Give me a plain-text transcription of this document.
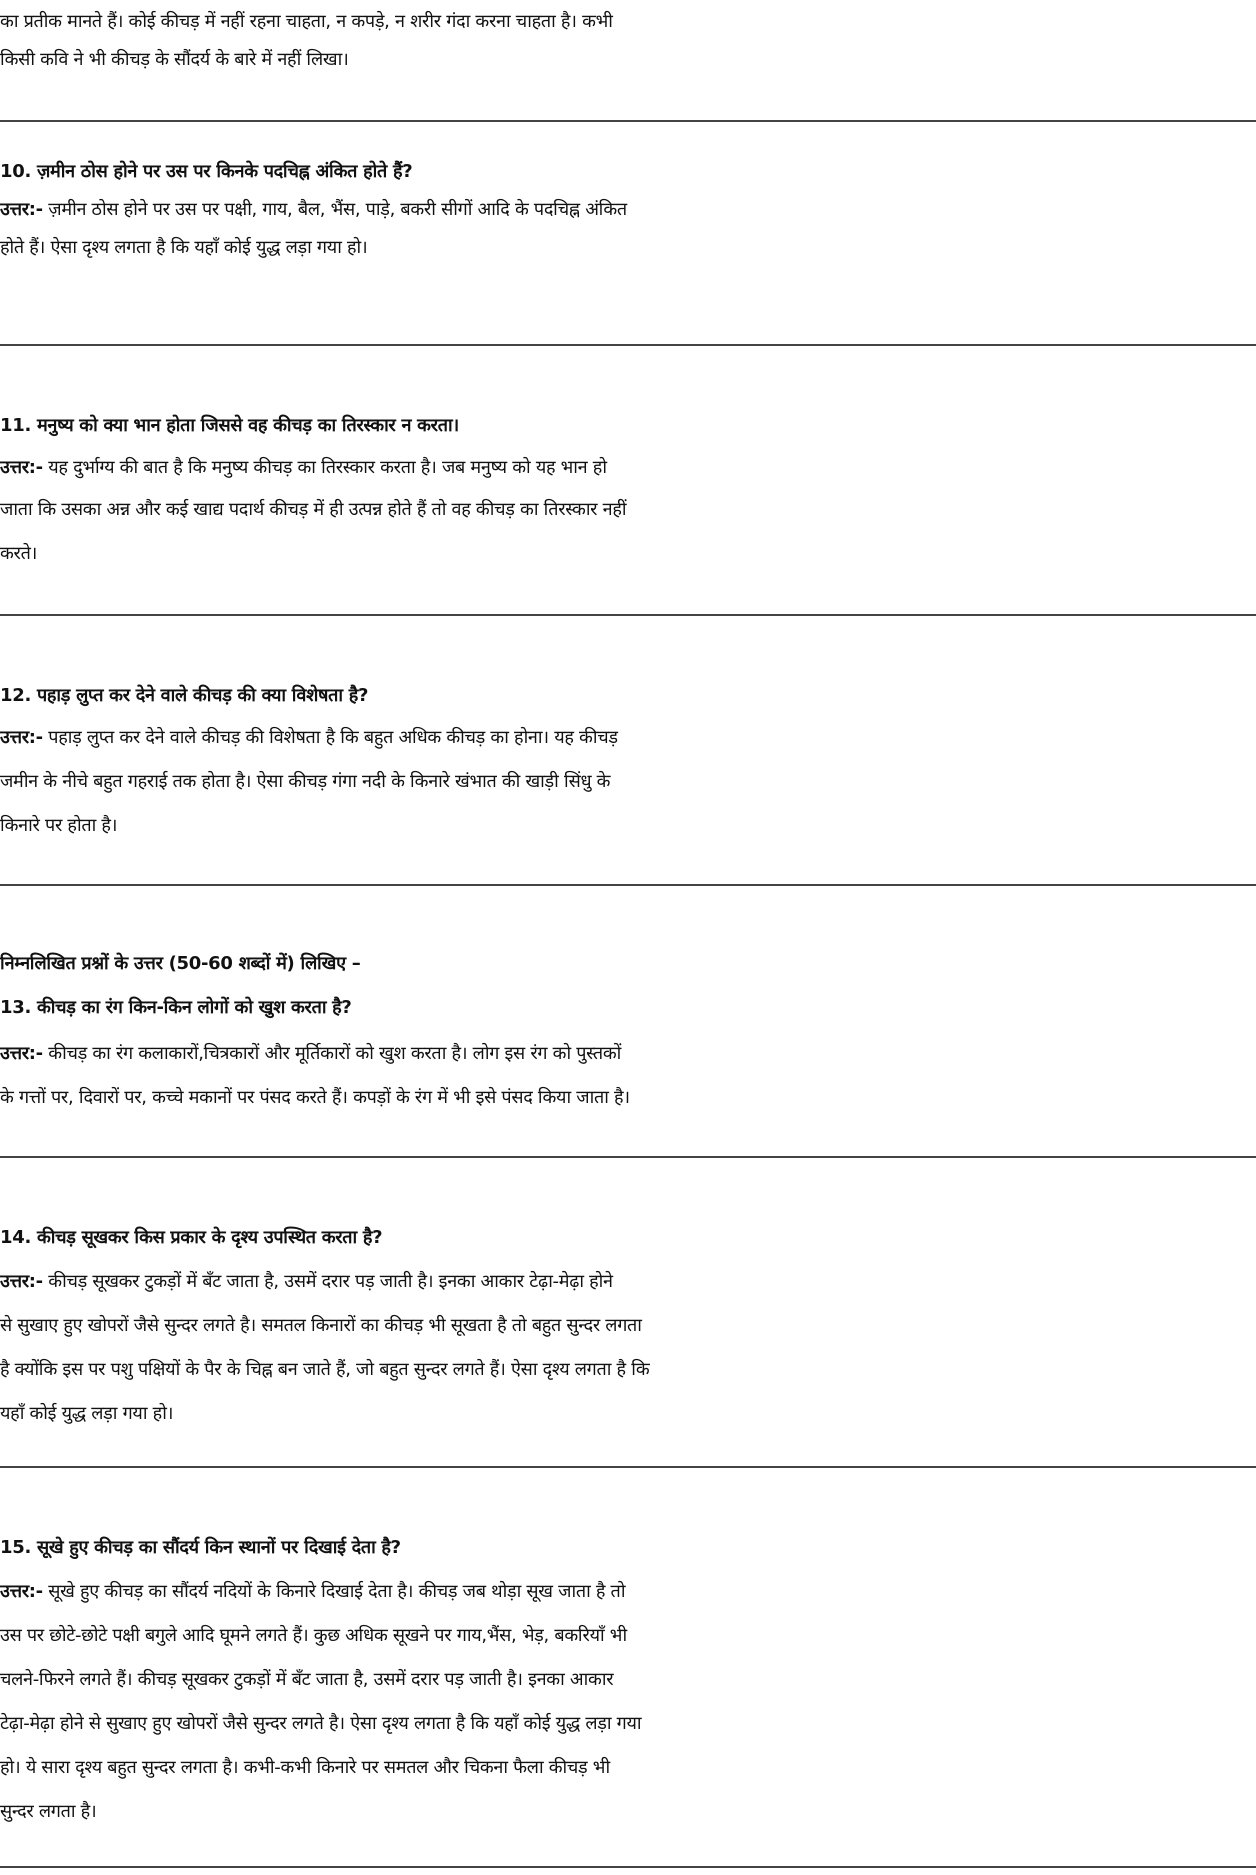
का प्रतीक मानते हैं। कोई कीचड़ में नहीं रहना चाहता, न कपड़े, न शरीर गंदा करना चाहता है। कभी
किसी कवि ने भी कीचड़ के सौंदर्य के बारे में नहीं लिखा।
10. ज़मीन ठोस होने पर उस पर किनके पदचिह्न अंकित होते हैं?
उत्तर:- ज़मीन ठोस होने पर उस पर पक्षी, गाय, बैल, भैंस, पाड़े, बकरी सीगों आदि के पदचिह्न अंकित
होते हैं। ऐसा दृश्य लगता है कि यहाँ कोई युद्ध लड़ा गया हो।
11. मनुष्य को क्या भान होता जिससे वह कीचड़ का तिरस्कार न करता।
उत्तर:- यह दुर्भाग्य की बात है कि मनुष्य कीचड़ का तिरस्कार करता है। जब मनुष्य को यह भान हो
जाता कि उसका अन्न और कई खाद्य पदार्थ कीचड़ में ही उत्पन्न होते हैं तो वह कीचड़ का तिरस्कार नहीं
करते।
12. पहाड़ लुप्त कर देने वाले कीचड़ की क्या विशेषता है?
उत्तर:- पहाड़ लुप्त कर देने वाले कीचड़ की विशेषता है कि बहुत अधिक कीचड़ का होना। यह कीचड़
जमीन के नीचे बहुत गहराई तक होता है। ऐसा कीचड़ गंगा नदी के किनारे खंभात की खाड़ी सिंधु के
किनारे पर होता है।
निम्नलिखित प्रश्नों के उत्तर (50-60 शब्दों में) लिखिए –
13. कीचड़ का रंग किन-किन लोगों को खुश करता है?
उत्तर:- कीचड़ का रंग कलाकारों,चित्रकारों और मूर्तिकारों को खुश करता है। लोग इस रंग को पुस्तकों
के गत्तों पर, दिवारों पर, कच्चे मकानों पर पंसद करते हैं। कपड़ों के रंग में भी इसे पंसद किया जाता है।
14. कीचड़ सूखकर किस प्रकार के दृश्य उपस्थित करता है?
उत्तर:- कीचड़ सूखकर टुकड़ों में बँट जाता है, उसमें दरार पड़ जाती है। इनका आकार टेढ़ा-मेढ़ा होने
से सुखाए हुए खोपरों जैसे सुन्दर लगते है। समतल किनारों का कीचड़ भी सूखता है तो बहुत सुन्दर लगता
है क्योंकि इस पर पशु पक्षियों के पैर के चिह्न बन जाते हैं, जो बहुत सुन्दर लगते हैं। ऐसा दृश्य लगता है कि
यहाँ कोई युद्ध लड़ा गया हो।
15. सूखे हुए कीचड़ का सौंदर्य किन स्थानों पर दिखाई देता है?
उत्तर:- सूखे हुए कीचड़ का सौंदर्य नदियों के किनारे दिखाई देता है। कीचड़ जब थोड़ा सूख जाता है तो
उस पर छोटे-छोटे पक्षी बगुले आदि घूमने लगते हैं। कुछ अधिक सूखने पर गाय,भैंस, भेड़, बकरियाँ भी
चलने-फिरने लगते हैं। कीचड़ सूखकर टुकड़ों में बँट जाता है, उसमें दरार पड़ जाती है। इनका आकार
टेढ़ा-मेढ़ा होने से सुखाए हुए खोपरों जैसे सुन्दर लगते है। ऐसा दृश्य लगता है कि यहाँ कोई युद्ध लड़ा गया
हो। ये सारा दृश्य बहुत सुन्दर लगता है। कभी-कभी किनारे पर समतल और चिकना फैला कीचड़ भी
सुन्दर लगता है।
